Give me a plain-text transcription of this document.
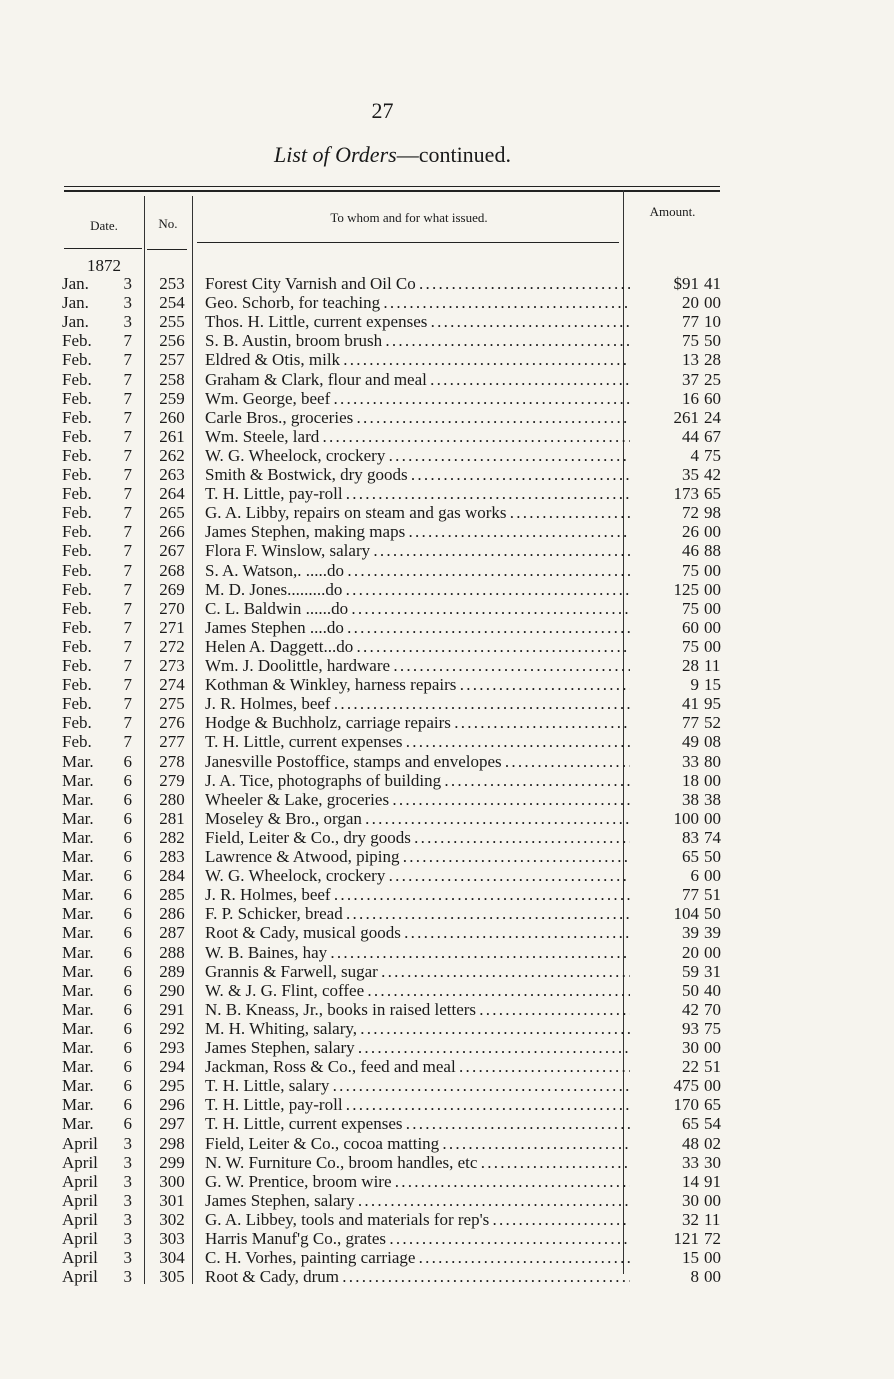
27
List of Orders—continued.
Date.	No.	To whom and for what issued.	Amount.
1872
Jan. 3	253	Forest City Varnish and Oil Co . . .	$91 41
Jan. 3	254	Geo. Schorb, for teaching . . .	20 00
Jan. 3	255	Thos. H. Little, current expenses . . .	77 10
Feb. 7	256	S. B. Austin, broom brush . . .	75 50
Feb. 7	257	Eldred & Otis, milk . . .	13 28
Feb. 7	258	Graham & Clark, flour and meal . . .	37 25
Feb. 7	259	Wm. George, beef . . .	16 60
Feb. 7	260	Carle Bros., groceries . . .	261 24
Feb. 7	261	Wm. Steele, lard . . .	44 67
Feb. 7	262	W. G. Wheelock, crockery . . .	4 75
Feb. 7	263	Smith & Bostwick, dry goods . . .	35 42
Feb. 7	264	T. H. Little, pay-roll . . .	173 65
Feb. 7	265	G. A. Libby, repairs on steam and gas works . . .	72 98
Feb. 7	266	James Stephen, making maps . . .	26 00
Feb. 7	267	Flora F. Winslow, salary . . .	46 88
Feb. 7	268	S. A. Watson,. .....do . . .	75 00
Feb. 7	269	M. D. Jones.........do . . .	125 00
Feb. 7	270	C. L. Baldwin ......do . . .	75 00
Feb. 7	271	James Stephen ....do . . .	60 00
Feb. 7	272	Helen A. Daggett...do . . .	75 00
Feb. 7	273	Wm. J. Doolittle, hardware . . .	28 11
Feb. 7	274	Kothman & Winkley, harness repairs . . .	9 15
Feb. 7	275	J. R. Holmes, beef . . .	41 95
Feb. 7	276	Hodge & Buchholz, carriage repairs . . .	77 52
Feb. 7	277	T. H. Little, current expenses . . .	49 08
Mar. 6	278	Janesville Postoffice, stamps and envelopes . . .	33 80
Mar. 6	279	J. A. Tice, photographs of building . . .	18 00
Mar. 6	280	Wheeler & Lake, groceries . . .	38 38
Mar. 6	281	Moseley & Bro., organ . . .	100 00
Mar. 6	282	Field, Leiter & Co., dry goods . . .	83 74
Mar. 6	283	Lawrence & Atwood, piping . . .	65 50
Mar. 6	284	W. G. Wheelock, crockery . . .	6 00
Mar. 6	285	J. R. Holmes, beef . . .	77 51
Mar. 6	286	F. P. Schicker, bread . . .	104 50
Mar. 6	287	Root & Cady, musical goods . . .	39 39
Mar. 6	288	W. B. Baines, hay . . .	20 00
Mar. 6	289	Grannis & Farwell, sugar . . .	59 31
Mar. 6	290	W. & J. G. Flint, coffee . . .	50 40
Mar. 6	291	N. B. Kneass, Jr., books in raised letters . . .	42 70
Mar. 6	292	M. H. Whiting, salary, . . .	93 75
Mar. 6	293	James Stephen, salary . . .	30 00
Mar. 6	294	Jackman, Ross & Co., feed and meal . . .	22 51
Mar. 6	295	T. H. Little, salary . . .	475 00
Mar. 6	296	T. H. Little, pay-roll . . .	170 65
Mar. 6	297	T. H. Little, current expenses . . .	65 54
April 3	298	Field, Leiter & Co., cocoa matting . . .	48 02
April 3	299	N. W. Furniture Co., broom handles, etc . . .	33 30
April 3	300	G. W. Prentice, broom wire . . .	14 91
April 3	301	James Stephen, salary . . .	30 00
April 3	302	G. A. Libbey, tools and materials for rep's . . .	32 11
April 3	303	Harris Manuf'g Co., grates . . .	121 72
April 3	304	C. H. Vorhes, painting carriage . . .	15 00
April 3	305	Root & Cady, drum . . .	8 00
